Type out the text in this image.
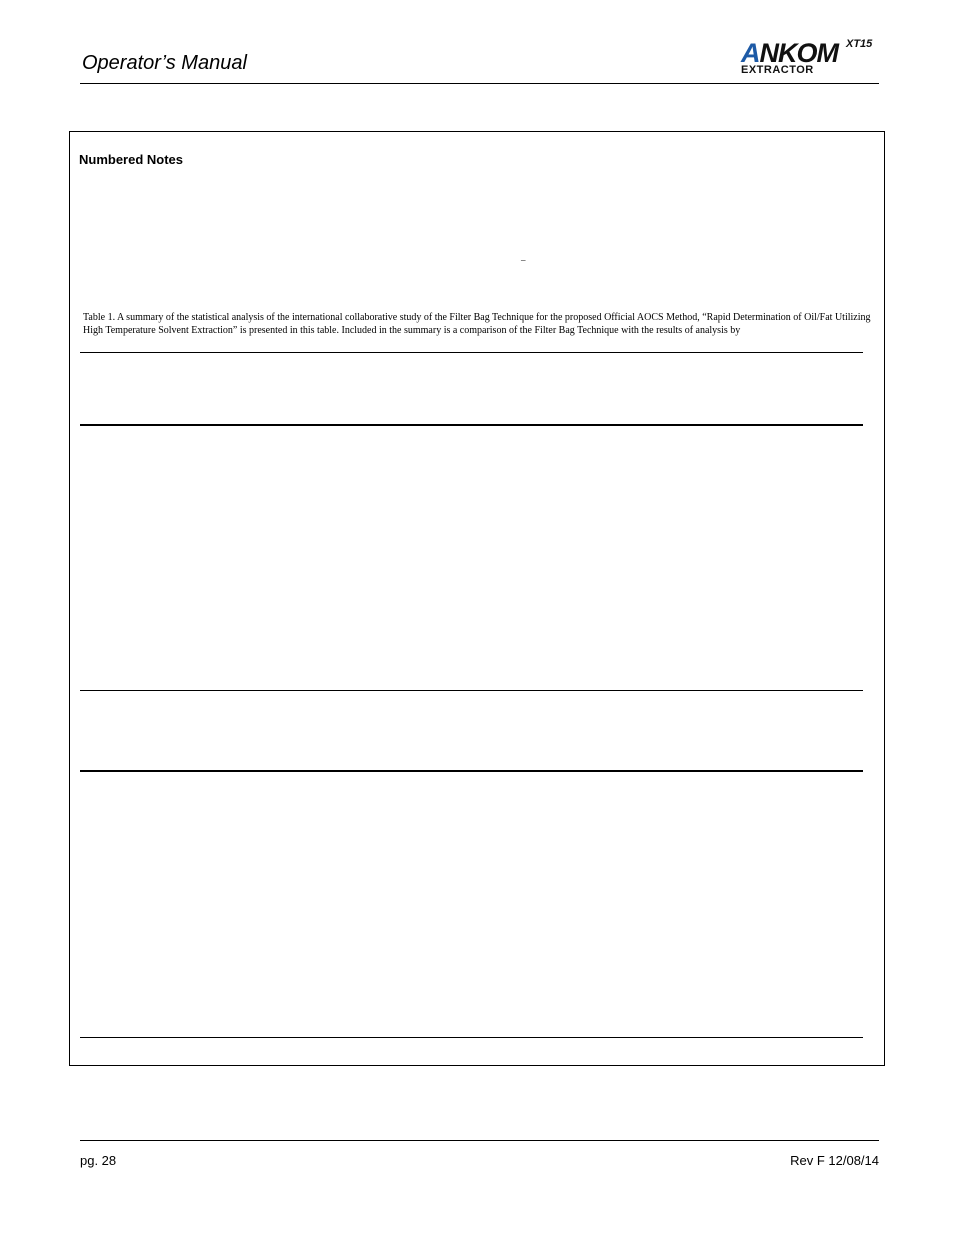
Operator’s Manual	ANKOM XT15
EXTRACTOR
Numbered Notes
_
Table 1. A summary of the statistical analysis of the international collaborative study of the Filter Bag Technique for the proposed Official AOCS Method, “Rapid Determination of Oil/Fat Utilizing High Temperature Solvent Extraction” is presented in this table. Included in the summary is a comparison of the Filter Bag Technique with the results of analysis by
pg. 28	Rev F 12/08/14
